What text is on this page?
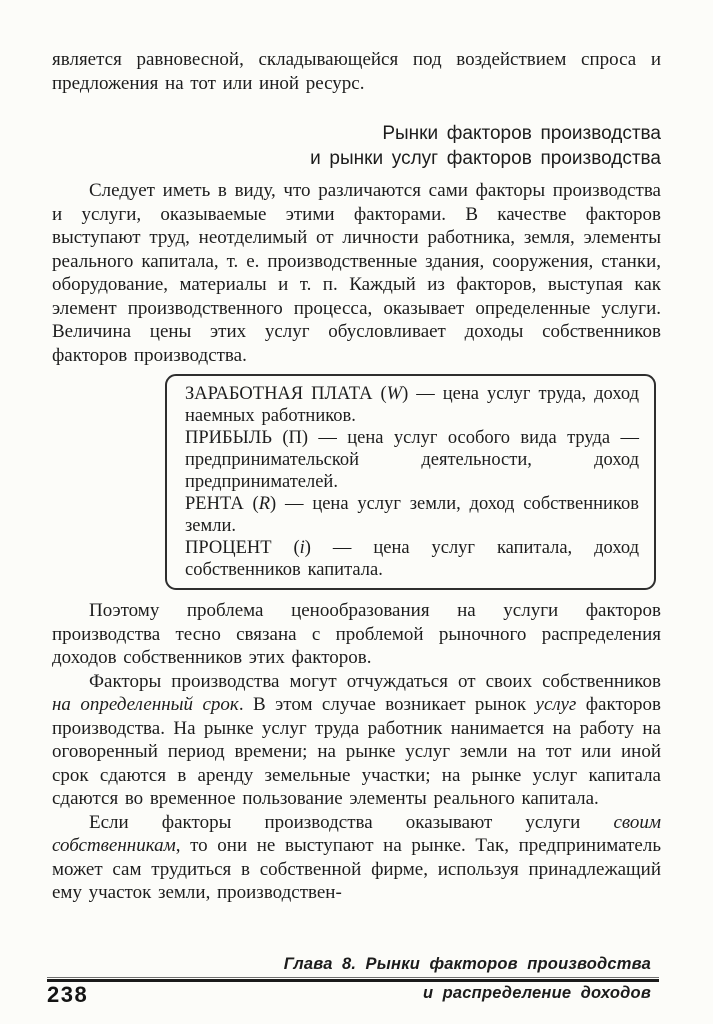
является равновесной, складывающейся под воздействием спроса и предложения на тот или иной ресурс.

Рынки факторов производства
и рынки услуг факторов производства

Следует иметь в виду, что различаются сами факторы производства и услуги, оказываемые этими факторами. В качестве факторов выступают труд, неотделимый от личности работника, земля, элементы реального капитала, т. е. производственные здания, сооружения, станки, оборудование, материалы и т. п. Каждый из факторов, выступая как элемент производственного процесса, оказывает определенные услуги. Величина цены этих услуг обусловливает доходы собственников факторов производства.

ЗАРАБОТНАЯ ПЛАТА (W) — цена услуг труда, доход наемных работников.

ПРИБЫЛЬ (П) — цена услуг особого вида труда — предпринимательской деятельности, доход предпринимателей.

РЕНТА (R) — цена услуг земли, доход собственников земли.

ПРОЦЕНТ (i) — цена услуг капитала, доход собственников капитала.

Поэтому проблема ценообразования на услуги факторов производства тесно связана с проблемой рыночного распределения доходов собственников этих факторов.

Факторы производства могут отчуждаться от своих собственников на определенный срок. В этом случае возникает рынок услуг факторов производства. На рынке услуг труда работник нанимается на работу на оговоренный период времени; на рынке услуг земли на тот или иной срок сдаются в аренду земельные участки; на рынке услуг капитала сдаются во временное пользование элементы реального капитала.

Если факторы производства оказывают услуги своим собственникам, то они не выступают на рынке. Так, предприниматель может сам трудиться в собственной фирме, используя принадлежащий ему участок земли, производствен-

Глава 8. Рынки факторов производства
238	и распределение доходов
